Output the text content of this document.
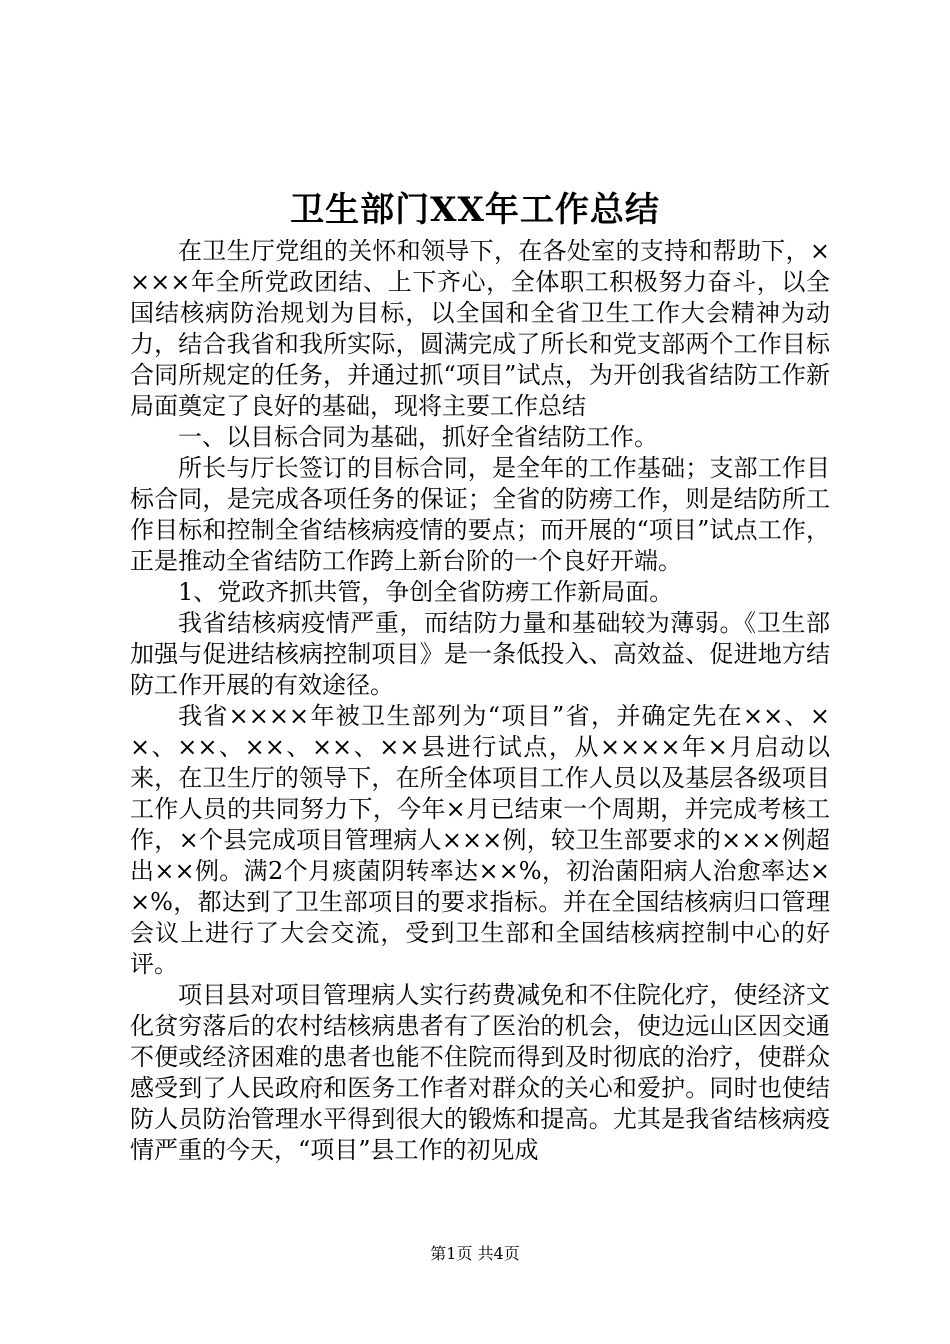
卫生部门XX年工作总结

在卫生厅党组的关怀和领导下，在各处室的支持和帮助下，××××年全所党政团结、上下齐心，全体职工积极努力奋斗，以全国结核病防治规划为目标，以全国和全省卫生工作大会精神为动力，结合我省和我所实际，圆满完成了所长和党支部两个工作目标合同所规定的任务，并通过抓“项目”试点，为开创我省结防工作新局面奠定了良好的基础，现将主要工作总结

一、以目标合同为基础，抓好全省结防工作。

所长与厅长签订的目标合同，是全年的工作基础；支部工作目标合同，是完成各项任务的保证；全省的防痨工作，则是结防所工作目标和控制全省结核病疫情的要点；而开展的“项目”试点工作，正是推动全省结防工作跨上新台阶的一个良好开端。

1、党政齐抓共管，争创全省防痨工作新局面。

我省结核病疫情严重，而结防力量和基础较为薄弱。《卫生部加强与促进结核病控制项目》是一条低投入、高效益、促进地方结防工作开展的有效途径。

我省××××年被卫生部列为“项目”省，并确定先在××、××、××、××、××、××县进行试点，从××××年×月启动以来，在卫生厅的领导下，在所全体项目工作人员以及基层各级项目工作人员的共同努力下，今年×月已结束一个周期，并完成考核工作，×个县完成项目管理病人×××例，较卫生部要求的×××例超出××例。满2个月痰菌阴转率达××%，初治菌阳病人治愈率达××%，都达到了卫生部项目的要求指标。并在全国结核病归口管理会议上进行了大会交流，受到卫生部和全国结核病控制中心的好评。

项目县对项目管理病人实行药费减免和不住院化疗，使经济文化贫穷落后的农村结核病患者有了医治的机会，使边远山区因交通不便或经济困难的患者也能不住院而得到及时彻底的治疗，使群众感受到了人民政府和医务工作者对群众的关心和爱护。同时也使结防人员防治管理水平得到很大的锻炼和提高。尤其是我省结核病疫情严重的今天，“项目”县工作的初见成

第1页 共4页
